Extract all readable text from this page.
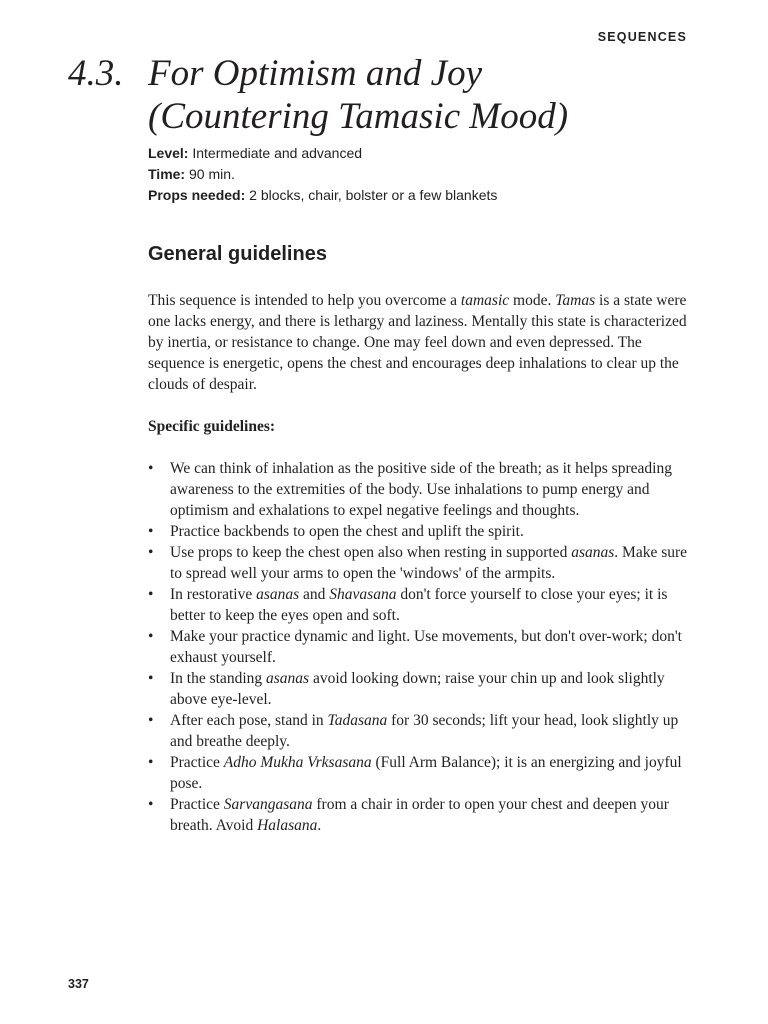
SEQUENCES
4.3. For Optimism and Joy
(Countering Tamasic Mood)
Level: Intermediate and advanced
Time: 90 min.
Props needed: 2 blocks, chair, bolster or a few blankets
General guidelines

This sequence is intended to help you overcome a tamasic mode. Tamas is a state were one lacks energy, and there is lethargy and laziness. Mentally this state is characterized by inertia, or resistance to change. One may feel down and even depressed. The sequence is energetic, opens the chest and encourages deep inhalations to clear up the clouds of despair.

Specific guidelines:
• We can think of inhalation as the positive side of the breath; as it helps spreading awareness to the extremities of the body. Use inhalations to pump energy and optimism and exhalations to expel negative feelings and thoughts.
• Practice backbends to open the chest and uplift the spirit.
• Use props to keep the chest open also when resting in supported asanas. Make sure to spread well your arms to open the 'windows' of the armpits.
• In restorative asanas and Shavasana don't force yourself to close your eyes; it is better to keep the eyes open and soft.
• Make your practice dynamic and light. Use movements, but don't over-work; don't exhaust yourself.
• In the standing asanas avoid looking down; raise your chin up and look slightly above eye-level.
• After each pose, stand in Tadasana for 30 seconds; lift your head, look slightly up and breathe deeply.
• Practice Adho Mukha Vrksasana (Full Arm Balance); it is an energizing and joyful pose.
• Practice Sarvangasana from a chair in order to open your chest and deepen your breath. Avoid Halasana.
337
